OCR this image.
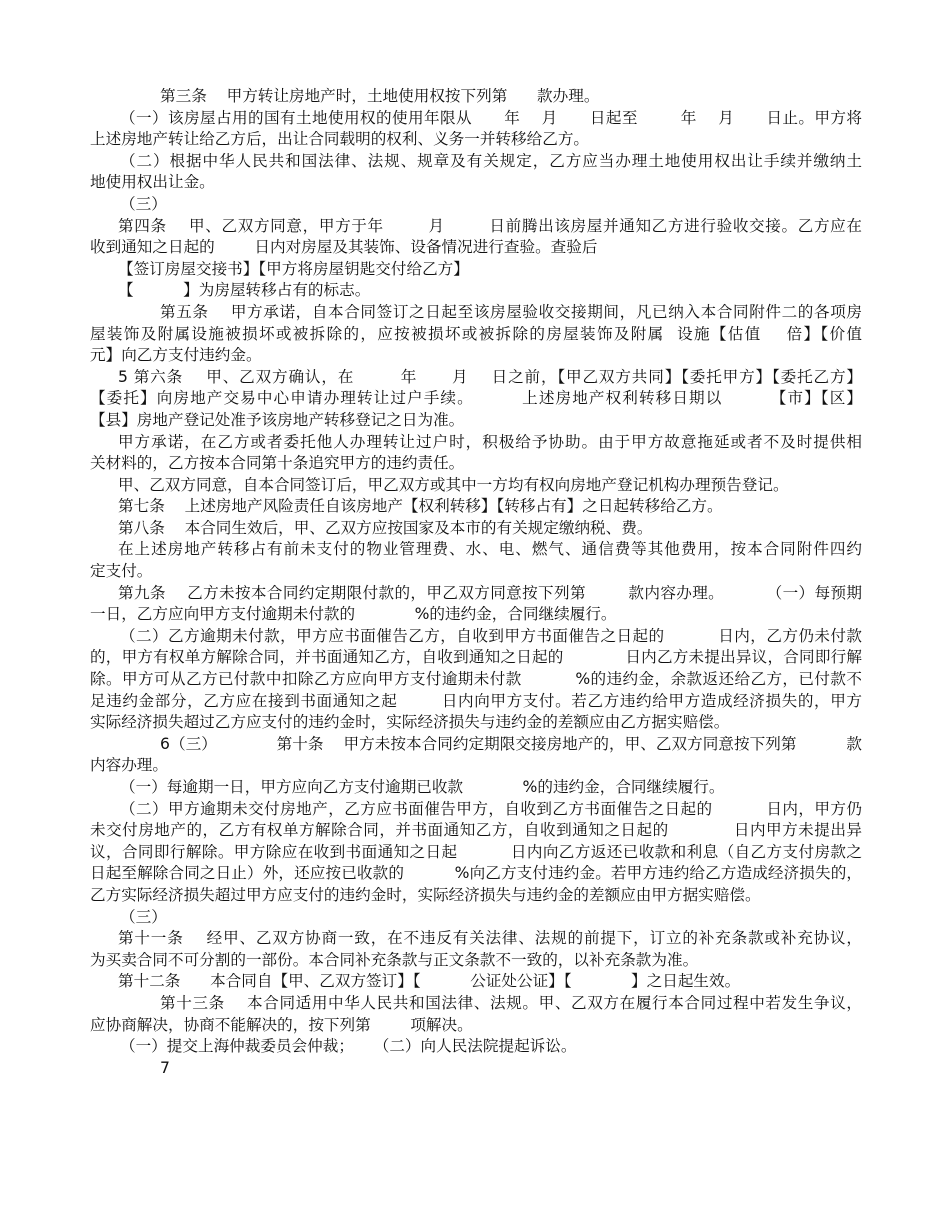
第三条    甲方转让房地产时，土地使用权按下列第      款办理。
（一）该房屋占用的国有土地使用权的使用年限从      年    月      日起至        年    月      日止。甲方将
上述房地产转让给乙方后，出让合同载明的权利、义务一并转移给乙方。
（二）根据中华人民共和国法律、法规、规章及有关规定，乙方应当办理土地使用权出让手续并缴纳土
地使用权出让金。
（三）
第四条    甲、乙双方同意，甲方于年        月        日前腾出该房屋并通知乙方进行验收交接。乙方应在
收到通知之日起的        日内对房屋及其装饰、设备情况进行查验。查验后
【签订房屋交接书】【甲方将房屋钥匙交付给乙方】
【          】为房屋转移占有的标志。
第五条    甲方承诺，自本合同签订之日起至该房屋验收交接期间，凡已纳入本合同附件二的各项房
屋装饰及附属设施被损坏或被拆除的，应按被损坏或被拆除的房屋装饰及附属  设施【估值    倍】【价值
元】向乙方支付违约金。
5 第六条    甲、乙双方确认，在        年      月    日之前，【甲乙双方共同】【委托甲方】【委托乙方】
【委托】向房地产交易中心申请办理转让过户手续。        上述房地产权利转移日期以        【市】【区】
【县】房地产登记处准予该房地产转移登记之日为准。
甲方承诺，在乙方或者委托他人办理转让过户时，积极给予协助。由于甲方故意拖延或者不及时提供相
关材料的，乙方按本合同第十条追究甲方的违约责任。
甲、乙双方同意，自本合同签订后，甲乙双方或其中一方均有权向房地产登记机构办理预告登记。
第七条    上述房地产风险责任自该房地产【权利转移】【转移占有】之日起转移给乙方。
第八条    本合同生效后，甲、乙双方应按国家及本市的有关规定缴纳税、费。
在上述房地产转移占有前未支付的物业管理费、水、电、燃气、通信费等其他费用，按本合同附件四约
定支付。
第九条    乙方未按本合同约定期限付款的，甲乙双方同意按下列第        款内容办理。        （一）每预期
一日，乙方应向甲方支付逾期未付款的            %的违约金，合同继续履行。
（二）乙方逾期未付款，甲方应书面催告乙方，自收到甲方书面催告之日起的          日内，乙方仍未付款
的，甲方有权单方解除合同，并书面通知乙方，自收到通知之日起的            日内乙方未提出异议，合同即行解
除。甲方可从乙方已付款中扣除乙方应向甲方支付逾期未付款          %的违约金，余款返还给乙方，已付款不
足违约金部分，乙方应在接到书面通知之起        日内向甲方支付。若乙方违约给甲方造成经济损失的，甲方
实际经济损失超过乙方应支付的违约金时，实际经济损失与违约金的差额应由乙方据实赔偿。
6（三）            第十条    甲方未按本合同约定期限交接房地产的，甲、乙双方同意按下列第          款
内容办理。
（一）每逾期一日，甲方应向乙方支付逾期已收款            %的违约金，合同继续履行。
（二）甲方逾期未交付房地产，乙方应书面催告甲方，自收到乙方书面催告之日起的          日内，甲方仍
未交付房地产的，乙方有权单方解除合同，并书面通知乙方，自收到通知之日起的            日内甲方未提出异
议，合同即行解除。甲方除应在收到书面通知之日起          日内向乙方返还已收款和利息（自乙方支付房款之
日起至解除合同之日止）外，还应按已收款的          %向乙方支付违约金。若甲方违约给乙方造成经济损失的，
乙方实际经济损失超过甲方应支付的违约金时，实际经济损失与违约金的差额应由甲方据实赔偿。
（三）
第十一条    经甲、乙双方协商一致，在不违反有关法律、法规的前提下，订立的补充条款或补充协议，
为买卖合同不可分割的一部份。本合同补充条款与正文条款不一致的，以补充条款为准。
第十二条      本合同自【甲、乙双方签订】【          公证处公证】【            】之日起生效。
第十三条    本合同适用中华人民共和国法律、法规。甲、乙双方在履行本合同过程中若发生争议，
应协商解决，协商不能解决的，按下列第        项解决。
（一）提交上海仲裁委员会仲裁；    （二）向人民法院提起诉讼。
7
